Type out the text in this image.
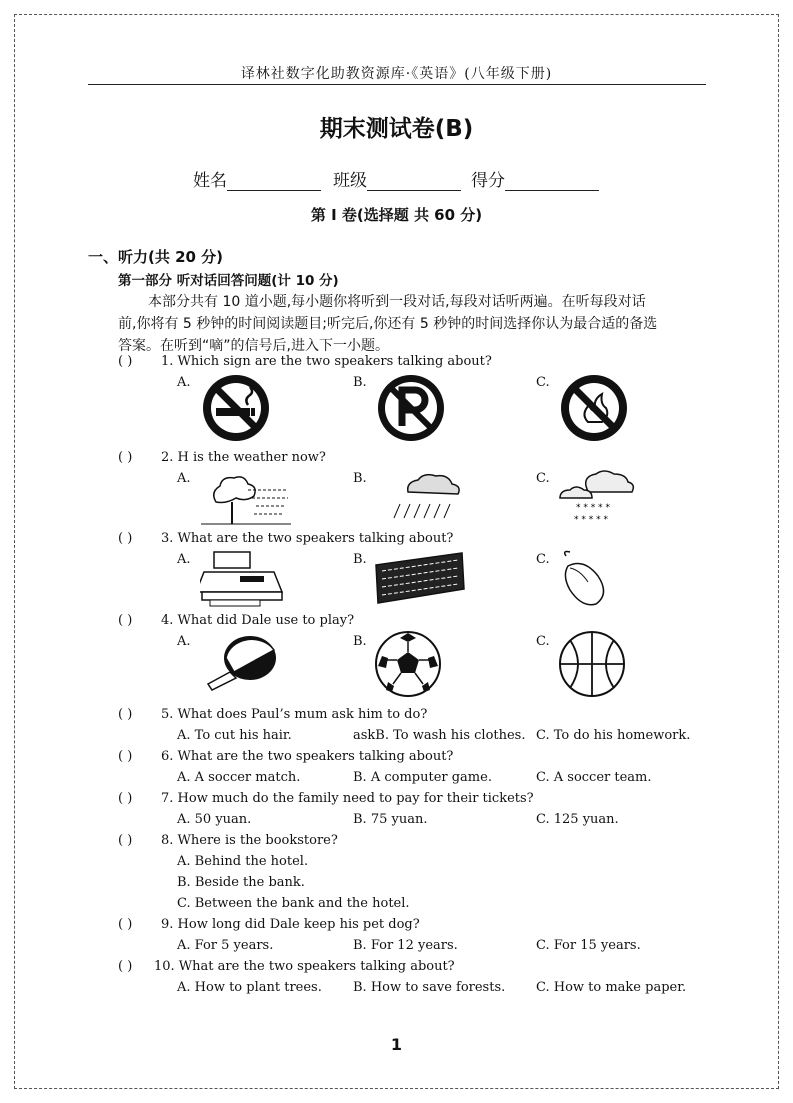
译林社数字化助教资源库·《英语》(八年级下册)
期末测试卷(B)
姓名	班级	得分
第 I 卷(选择题 共 60 分)
一、听力(共 20 分)
第一部分 听对话回答问题(计 10 分)
本部分共有 10 道小题,每小题你将听到一段对话,每段对话听两遍。在听每段对话
前,你将有 5 秒钟的时间阅读题目;听完后,你还有 5 秒钟的时间选择你认为最合适的备选
答案。在听到“嘀”的信号后,进入下一小题。
( ) 1. Which sign are the two speakers talking about?
A.	B.	C.
( ) 2. H is the weather now?
A.	B.	C.
* * * * *
* * * * *
( ) 3. What are the two speakers talking about?
A.	B.	C.
( ) 4. What did Dale use to play?
A.	B.	C.
( ) 5. What does Paul’s mum ask him to do?
A. To cut his hair.	askB. To wash his clothes. C. To do his homework.
( ) 6. What are the two speakers talking about?
A. A soccer match.	B. A computer game.	C. A soccer team.
( ) 7. How much do the family need to pay for their tickets?
A. 50 yuan.	B. 75 yuan.	C. 125 yuan.
( ) 8. Where is the bookstore?
A. Behind the hotel.
B. Beside the bank.
C. Between the bank and the hotel.
( ) 9. How long did Dale keep his pet dog?
A. For 5 years.	B. For 12 years.	C. For 15 years.
( ) 10. What are the two speakers talking about?
A. How to plant trees. B. How to save forests. C. How to make paper.
1
